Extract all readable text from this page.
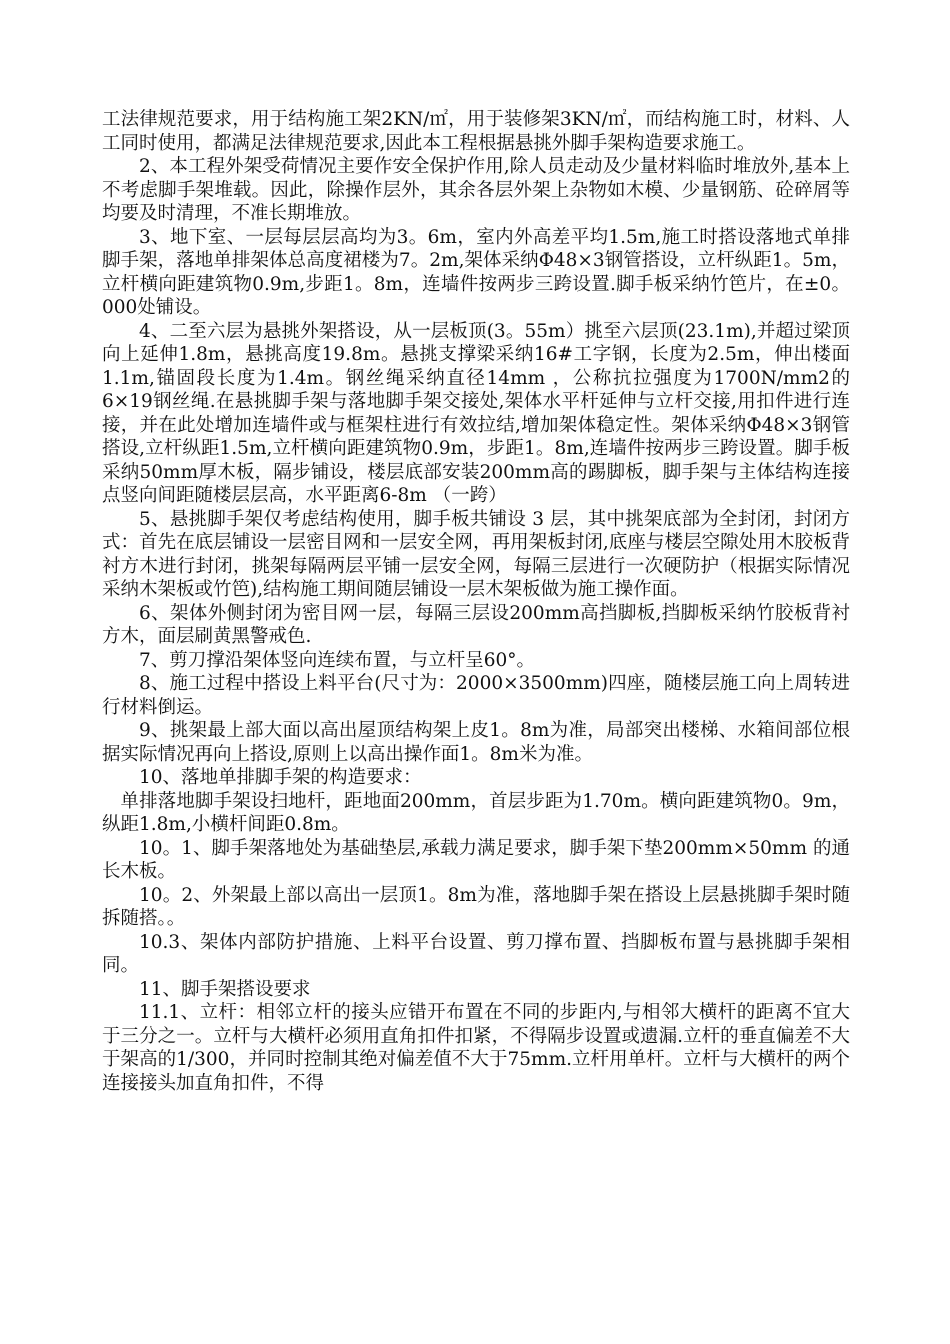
工法律规范要求，用于结构施工架2KN/㎡，用于装修架3KN/㎡，而结构施工时，材料、人工同时使用，都满足法律规范要求,因此本工程根据悬挑外脚手架构造要求施工。

2、本工程外架受荷情况主要作安全保护作用,除人员走动及少量材料临时堆放外,基本上不考虑脚手架堆载。因此，除操作层外，其余各层外架上杂物如木模、少量钢筋、砼碎屑等均要及时清理，不准长期堆放。

3、地下室、一层每层层高均为3。6m，室内外高差平均1.5m,施工时搭设落地式单排脚手架，落地单排架体总高度裙楼为7。2m,架体采纳Φ48×3钢管搭设，立杆纵距1。5m，立杆横向距建筑物0.9m,步距1。8m，连墙件按两步三跨设置.脚手板采纳竹笆片，在±0。000处铺设。

4、二至六层为悬挑外架搭设，从一层板顶(3。55m）挑至六层顶(23.1m),并超过梁顶向上延伸1.8m，悬挑高度19.8m。悬挑支撑梁采纳16#工字钢，长度为2.5m，伸出楼面1.1m,锚固段长度为1.4m。钢丝绳采纳直径14mm ，公称抗拉强度为1700N/mm2的6×19钢丝绳.在悬挑脚手架与落地脚手架交接处,架体水平杆延伸与立杆交接,用扣件进行连接，并在此处增加连墙件或与框架柱进行有效拉结,增加架体稳定性。架体采纳Φ48×3钢管搭设,立杆纵距1.5m,立杆横向距建筑物0.9m，步距1。8m,连墙件按两步三跨设置。脚手板采纳50mm厚木板，隔步铺设，楼层底部安装200mm高的踢脚板，脚手架与主体结构连接点竖向间距随楼层层高，水平距离6-8m （一跨）

5、悬挑脚手架仅考虑结构使用，脚手板共铺设 3 层，其中挑架底部为全封闭，封闭方式：首先在底层铺设一层密目网和一层安全网，再用架板封闭,底座与楼层空隙处用木胶板背衬方木进行封闭，挑架每隔两层平铺一层安全网，每隔三层进行一次硬防护（根据实际情况采纳木架板或竹笆),结构施工期间随层铺设一层木架板做为施工操作面。

6、架体外侧封闭为密目网一层，每隔三层设200mm高挡脚板,挡脚板采纳竹胶板背衬方木，面层刷黄黑警戒色.

7、剪刀撑沿架体竖向连续布置，与立杆呈60°。

8、施工过程中搭设上料平台(尺寸为：2000×3500mm)四座，随楼层施工向上周转进行材料倒运。

9、挑架最上部大面以高出屋顶结构架上皮1。8m为准，局部突出楼梯、水箱间部位根据实际情况再向上搭设,原则上以高出操作面1。8m米为准。

10、落地单排脚手架的构造要求：

单排落地脚手架设扫地杆，距地面200mm，首层步距为1.70m。横向距建筑物0。9m，纵距1.8m,小横杆间距0.8m。

10。1、脚手架落地处为基础垫层,承载力满足要求，脚手架下垫200mm×50mm 的通长木板。

10。2、外架最上部以高出一层顶1。8m为准，落地脚手架在搭设上层悬挑脚手架时随拆随搭。。

10.3、架体内部防护措施、上料平台设置、剪刀撑布置、挡脚板布置与悬挑脚手架相同。

11、脚手架搭设要求

11.1、立杆：相邻立杆的接头应错开布置在不同的步距内,与相邻大横杆的距离不宜大于三分之一。立杆与大横杆必须用直角扣件扣紧，不得隔步设置或遗漏.立杆的垂直偏差不大于架高的1/300，并同时控制其绝对偏差值不大于75mm.立杆用单杆。立杆与大横杆的两个连接接头加直角扣件，不得
